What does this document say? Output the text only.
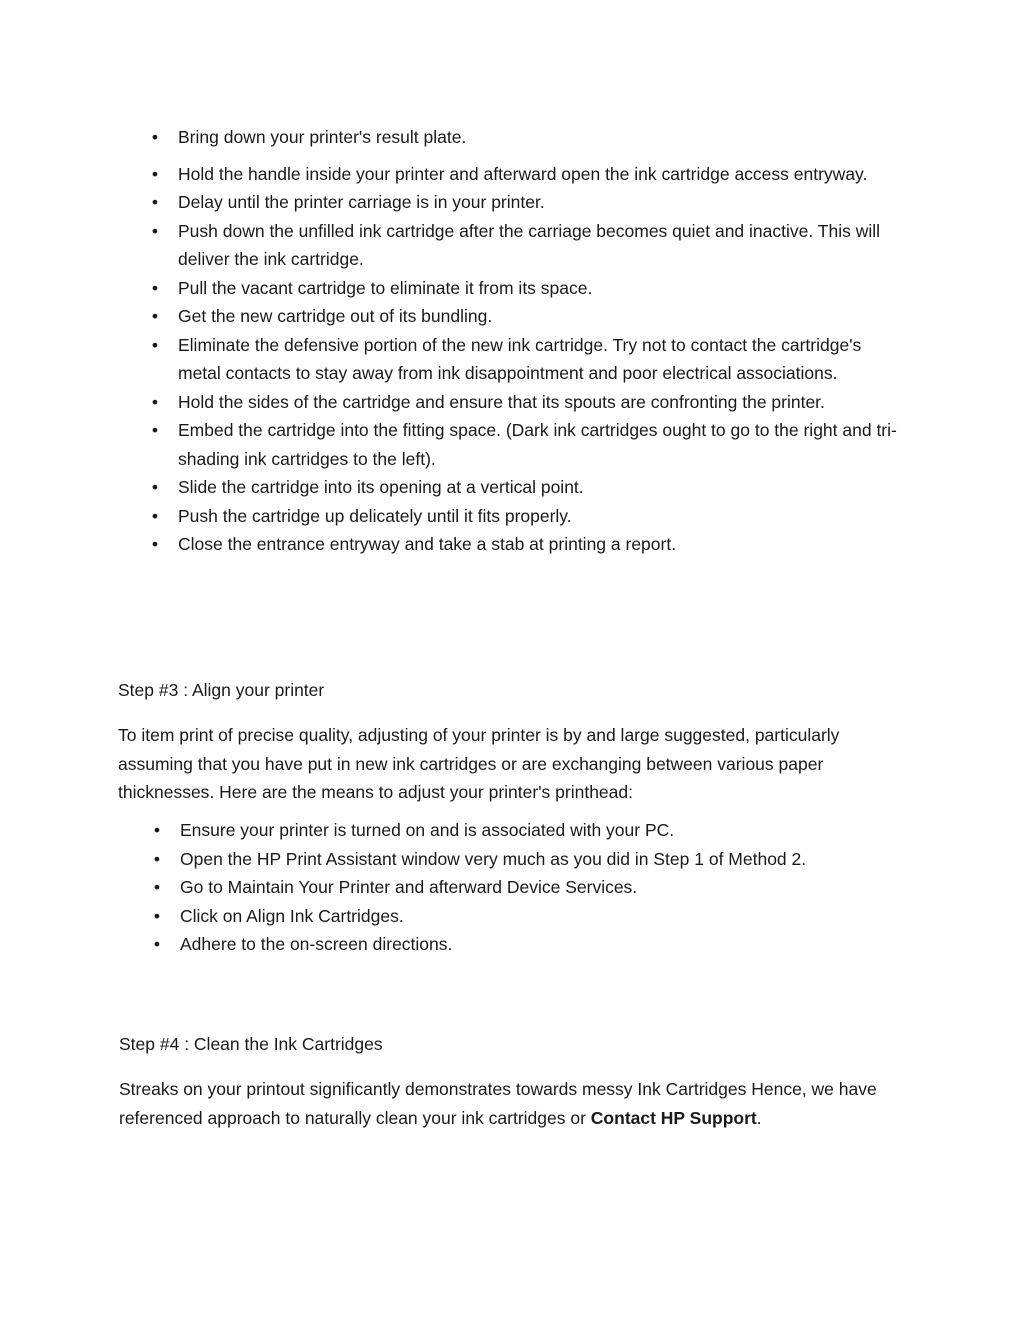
• Bring down your printer's result plate.
• Hold the handle inside your printer and afterward open the ink cartridge access entryway.
• Delay until the printer carriage is in your printer.
• Push down the unfilled ink cartridge after the carriage becomes quiet and inactive. This will deliver the ink cartridge.
• Pull the vacant cartridge to eliminate it from its space.
• Get the new cartridge out of its bundling.
• Eliminate the defensive portion of the new ink cartridge. Try not to contact the cartridge's metal contacts to stay away from ink disappointment and poor electrical associations.
• Hold the sides of the cartridge and ensure that its spouts are confronting the printer.
• Embed the cartridge into the fitting space. (Dark ink cartridges ought to go to the right and tri-shading ink cartridges to the left).
• Slide the cartridge into its opening at a vertical point.
• Push the cartridge up delicately until it fits properly.
• Close the entrance entryway and take a stab at printing a report.
Step #3 : Align your printer

To item print of precise quality, adjusting of your printer is by and large suggested, particularly assuming that you have put in new ink cartridges or are exchanging between various paper thicknesses. Here are the means to adjust your printer's printhead:

• Ensure your printer is turned on and is associated with your PC.
• Open the HP Print Assistant window very much as you did in Step 1 of Method 2.
• Go to Maintain Your Printer and afterward Device Services.
• Click on Align Ink Cartridges.
• Adhere to the on-screen directions.
Step #4 : Clean the Ink Cartridges

Streaks on your printout significantly demonstrates towards messy Ink Cartridges Hence, we have referenced approach to naturally clean your ink cartridges or Contact HP Support.
